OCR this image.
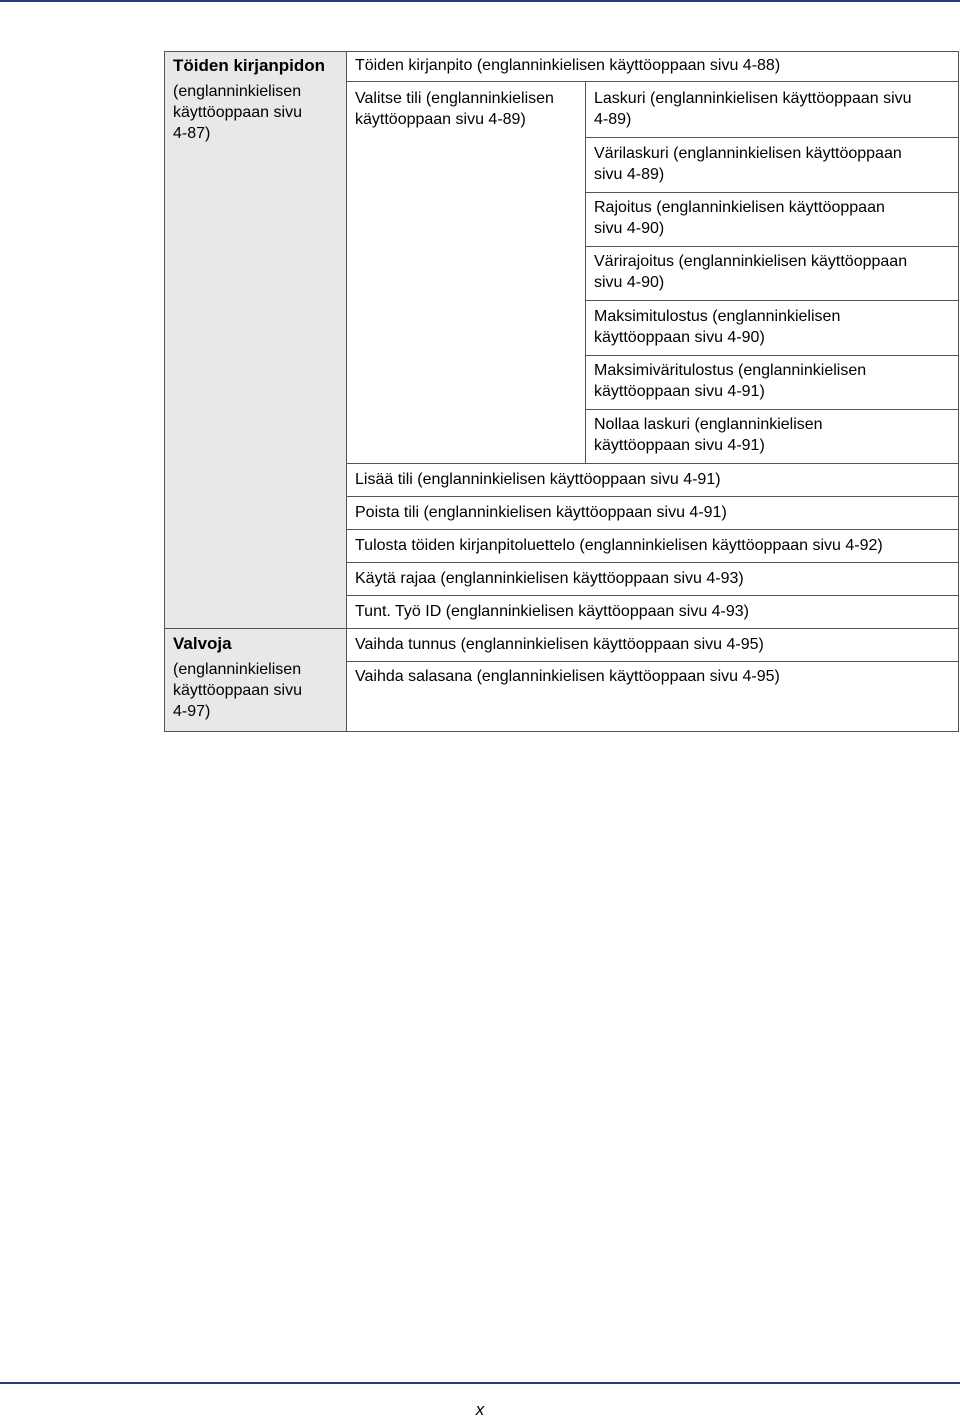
Töiden kirjanpidon
(englanninkielisen
käyttöoppaan sivu
4-87)
Valvoja
(englanninkielisen
käyttöoppaan sivu
4-97)
Töiden kirjanpito (englanninkielisen käyttöoppaan sivu 4-88)
Valitse tili (englanninkielisen
käyttöoppaan sivu 4-89)
Lisää tili (englanninkielisen käyttöoppaan sivu 4-91)
Poista tili (englanninkielisen käyttöoppaan sivu 4-91)
Tulosta töiden kirjanpitoluettelo (englanninkielisen käyttöoppaan sivu 4-92)
Käytä rajaa (englanninkielisen käyttöoppaan sivu 4-93)
Tunt. Työ ID (englanninkielisen käyttöoppaan sivu 4-93)
Vaihda tunnus (englanninkielisen käyttöoppaan sivu 4-95)
Vaihda salasana (englanninkielisen käyttöoppaan sivu 4-95)
Laskuri (englanninkielisen käyttöoppaan sivu
4-89)
Värilaskuri (englanninkielisen käyttöoppaan
sivu 4-89)
Rajoitus (englanninkielisen käyttöoppaan
sivu 4-90)
Värirajoitus (englanninkielisen käyttöoppaan
sivu 4-90)
Maksimitulostus (englanninkielisen
käyttöoppaan sivu 4-90)
Maksimiväritulostus (englanninkielisen
käyttöoppaan sivu 4-91)
Nollaa laskuri (englanninkielisen
käyttöoppaan sivu 4-91)
x
